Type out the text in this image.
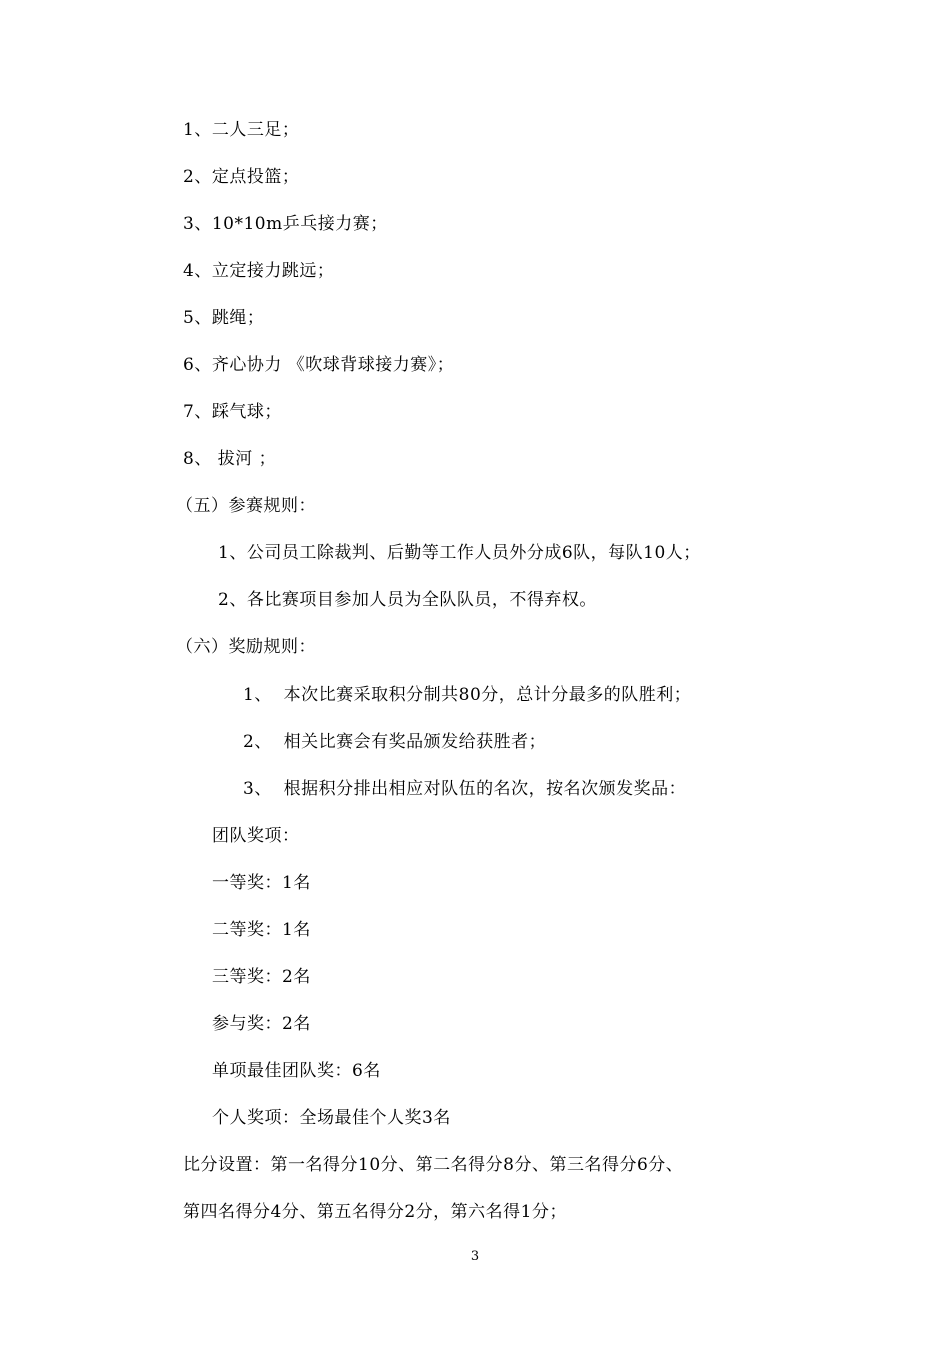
1、二人三足；
2、定点投篮；
3、10*10m乒乓接力赛；
4、立定接力跳远；
5、跳绳；
6、齐心协力 《吹球背球接力赛》；
7、踩气球；
8、 拔河 ；
（五）参赛规则：
1、公司员工除裁判、后勤等工作人员外分成6队，每队10人；
2、各比赛项目参加人员为全队队员，不得弃权。
（六）奖励规则：
1、  本次比赛采取积分制共80分，总计分最多的队胜利；
2、  相关比赛会有奖品颁发给获胜者；
3、  根据积分排出相应对队伍的名次，按名次颁发奖品：
团队奖项：
一等奖：1名
二等奖：1名
三等奖：2名
参与奖：2名
单项最佳团队奖：6名
个人奖项：全场最佳个人奖3名
比分设置：第一名得分10分、第二名得分8分、第三名得分6分、
第四名得分4分、第五名得分2分，第六名得1分；
3
